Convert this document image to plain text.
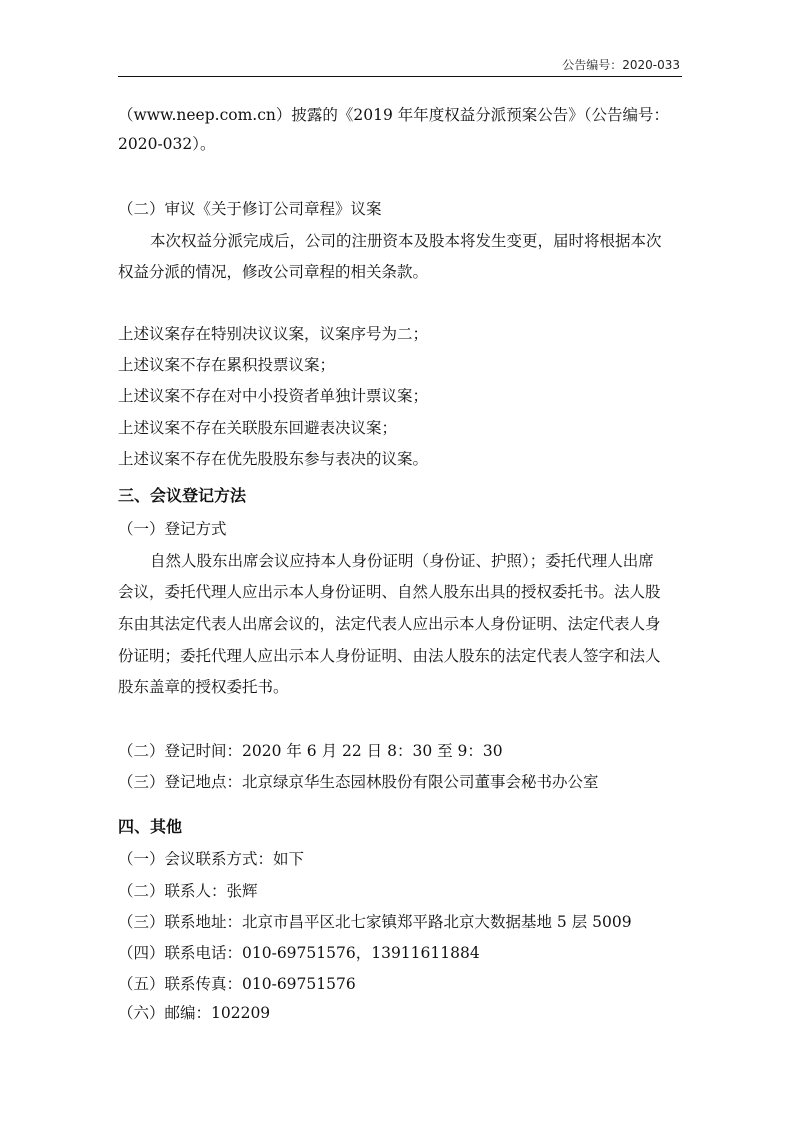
公告编号：2020-033
（www.neep.com.cn）披露的《2019 年年度权益分派预案公告》（公告编号：
2020-032）。
（二）审议《关于修订公司章程》议案
本次权益分派完成后，公司的注册资本及股本将发生变更，届时将根据本次
权益分派的情况，修改公司章程的相关条款。
上述议案存在特别决议议案，议案序号为二；
上述议案不存在累积投票议案；
上述议案不存在对中小投资者单独计票议案；
上述议案不存在关联股东回避表决议案；
上述议案不存在优先股股东参与表决的议案。
三、会议登记方法
（一）登记方式
自然人股东出席会议应持本人身份证明（身份证、护照）；委托代理人出席
会议，委托代理人应出示本人身份证明、自然人股东出具的授权委托书。法人股
东由其法定代表人出席会议的，法定代表人应出示本人身份证明、法定代表人身
份证明；委托代理人应出示本人身份证明、由法人股东的法定代表人签字和法人
股东盖章的授权委托书。
（二）登记时间：2020 年 6 月 22 日 8：30 至 9：30
（三）登记地点：北京绿京华生态园林股份有限公司董事会秘书办公室
四、其他
（一）会议联系方式：如下
（二）联系人：张辉
（三）联系地址：北京市昌平区北七家镇郑平路北京大数据基地 5 层 5009
（四）联系电话：010-69751576，13911611884
（五）联系传真：010-69751576
（六）邮编：102209
